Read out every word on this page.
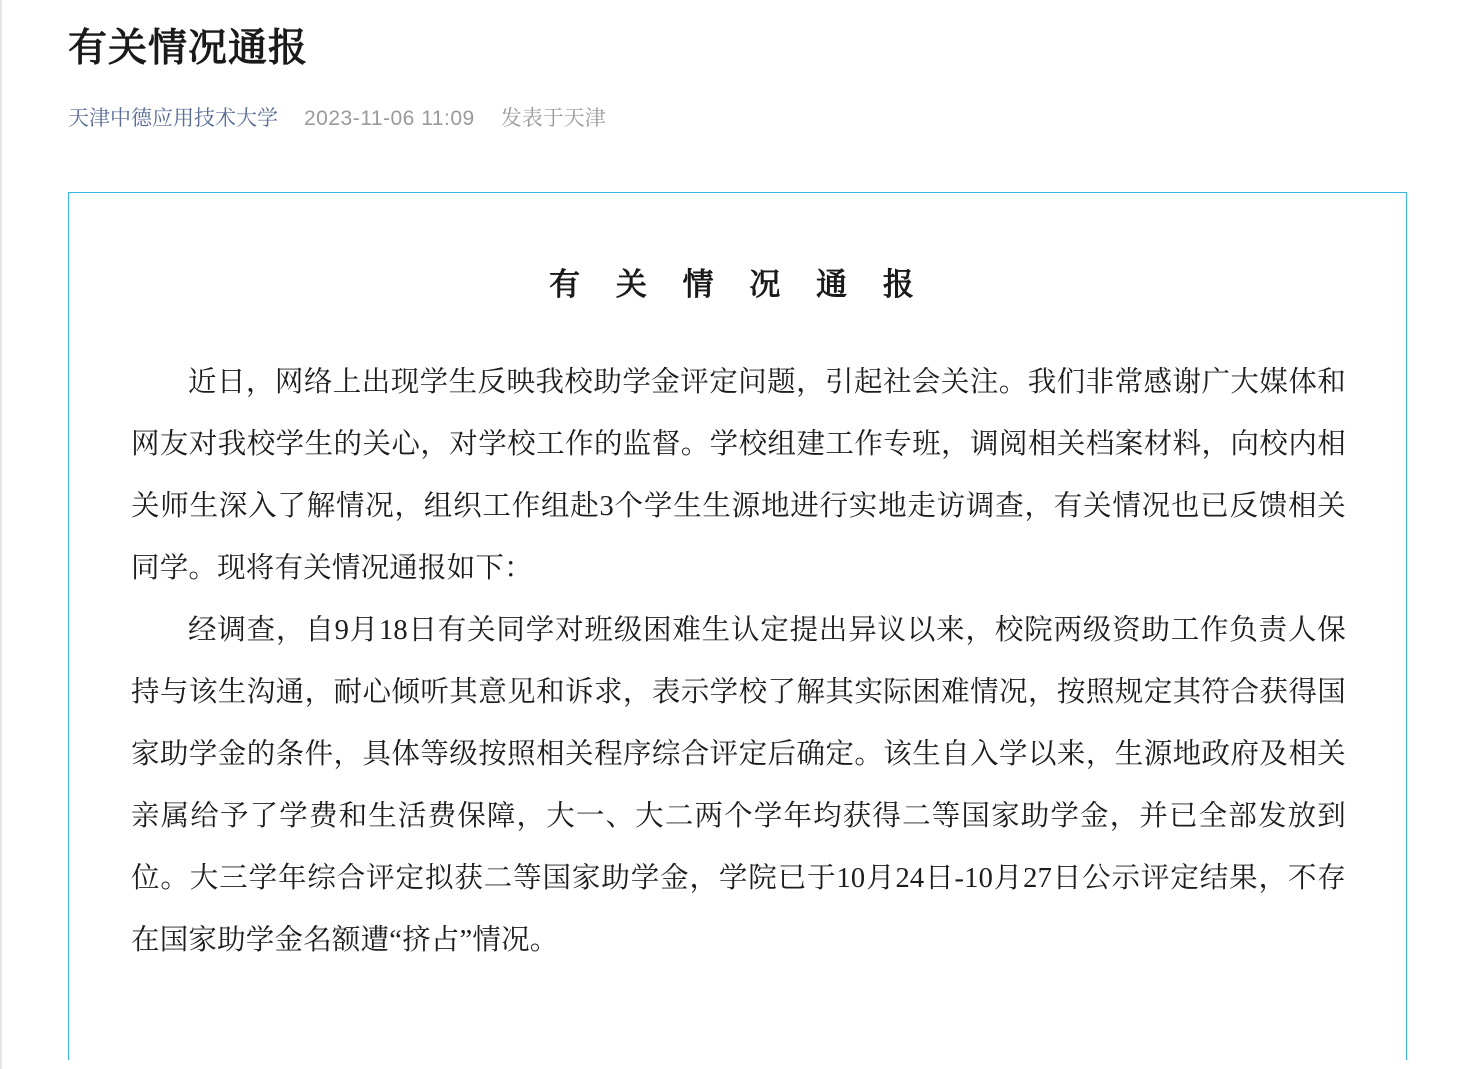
有关情况通报
天津中德应用技术大学 2023-11-06 11:09 发表于天津
有 关 情 况 通 报

近日，网络上出现学生反映我校助学金评定问题，引起社会关注。我们非常感谢广大媒体和网友对我校学生的关心，对学校工作的监督。学校组建工作专班，调阅相关档案材料，向校内相关师生深入了解情况，组织工作组赴3个学生生源地进行实地走访调查，有关情况也已反馈相关同学。现将有关情况通报如下：

经调查，自9月18日有关同学对班级困难生认定提出异议以来，校院两级资助工作负责人保持与该生沟通，耐心倾听其意见和诉求，表示学校了解其实际困难情况，按照规定其符合获得国家助学金的条件，具体等级按照相关程序综合评定后确定。该生自入学以来，生源地政府及相关亲属给予了学费和生活费保障，大一、大二两个学年均获得二等国家助学金，并已全部发放到位。大三学年综合评定拟获二等国家助学金，学院已于10月24日-10月27日公示评定结果，不存在国家助学金名额遭“挤占”情况。
